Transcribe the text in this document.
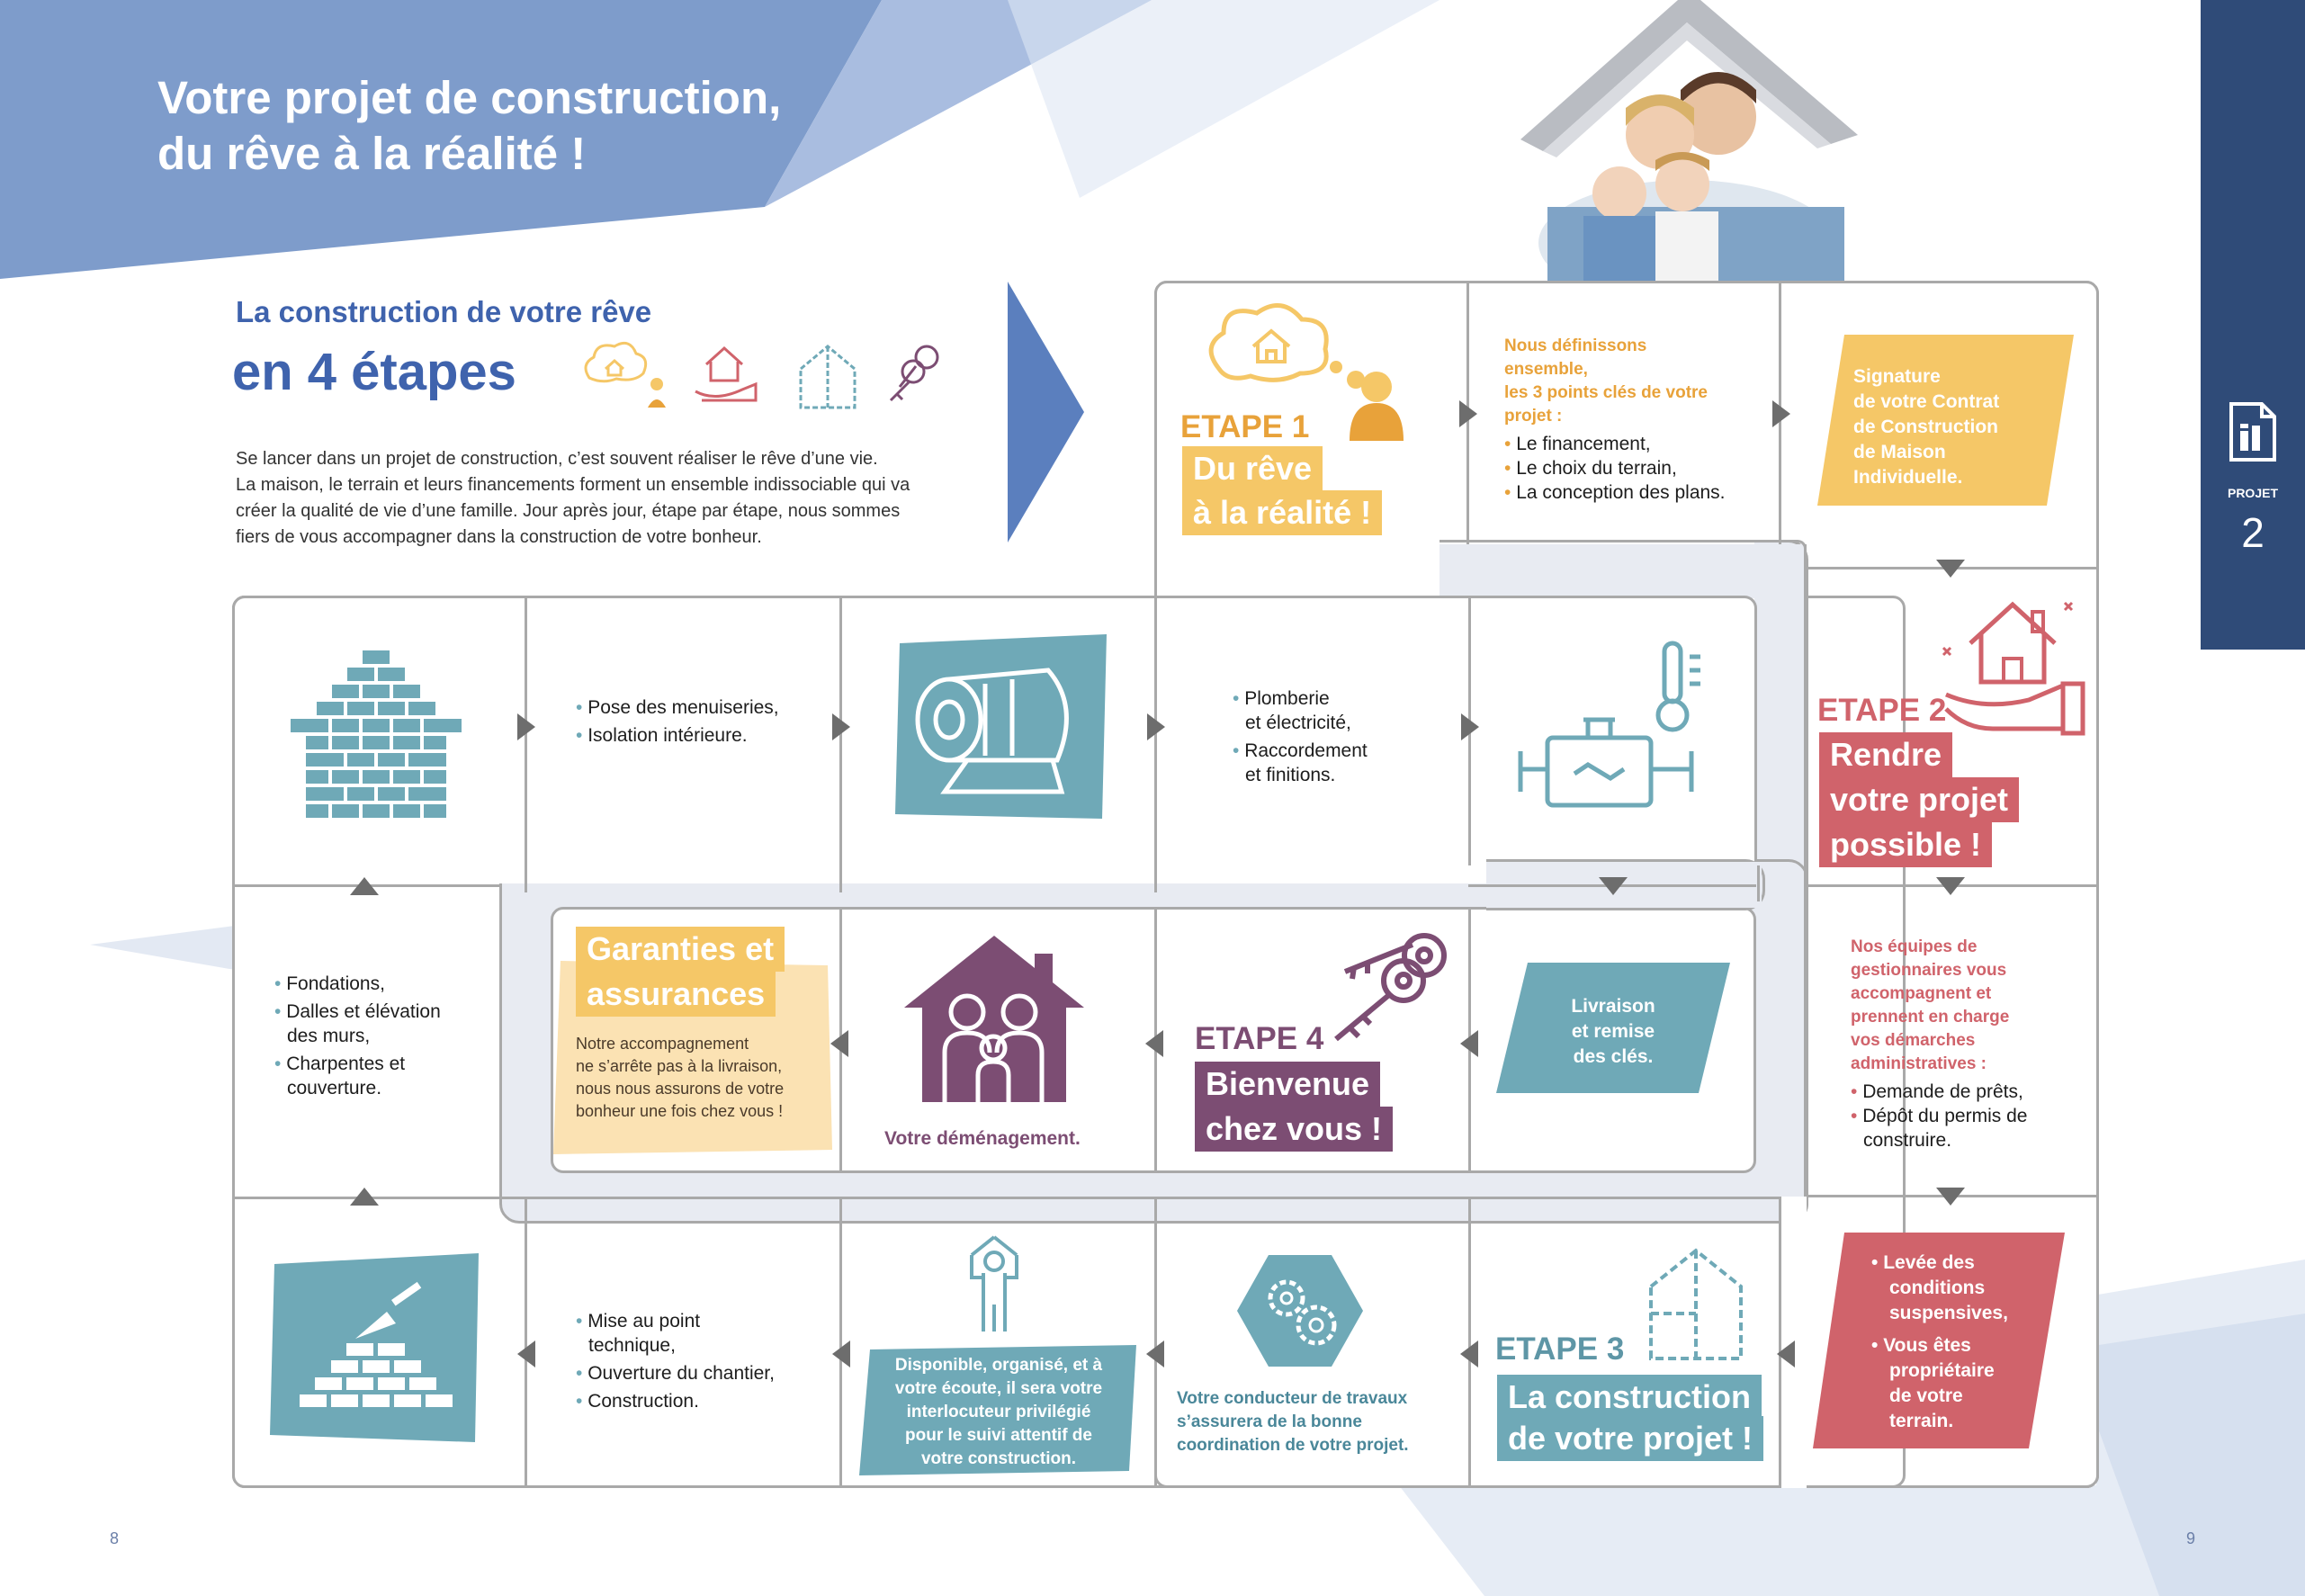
Votre projet de construction,
du rêve à la réalité !
PROJET
2
La construction de votre rêve
en 4 étapes
Se lancer dans un projet de construction, c’est souvent réaliser le rêve d’une vie.
La maison, le terrain et leurs financements forment un ensemble indissociable qui va
créer la qualité de vie d’une famille. Jour après jour, étape par étape, nous sommes
fiers de vous accompagner dans la construction de votre bonheur.
ETAPE 1
Du rêve
à la réalité !
Nous définissons
ensemble,
les 3 points clés de votre
projet :
• Le financement,
• Le choix du terrain,
• La conception des plans.
Signature
de votre Contrat
de Construction
de Maison
Individuelle.
ETAPE 2
Rendre
votre projet
possible !
Nos équipes de
gestionnaires vous
accompagnent et
prennent en charge
vos démarches
administratives :
• Demande de prêts,
• Dépôt du permis de
construire.
• Levée des
conditions
suspensives,
• Vous êtes
propriétaire
de votre
terrain.
ETAPE 3
La construction
de votre projet !
Votre conducteur de travaux
s’assurera de la bonne
coordination de votre projet.
Disponible, organisé, et à
votre écoute, il sera votre
interlocuteur privilégié
pour le suivi attentif de
votre construction.
• Mise au point
technique,
• Ouverture du chantier,
• Construction.
• Fondations,
• Dalles et élévation
des murs,
• Charpentes et
couverture.
• Pose des menuiseries,
• Isolation intérieure.
• Plomberie
et électricité,
• Raccordement
et finitions.
Livraison
et remise
des clés.
ETAPE 4
Bienvenue
chez vous !
Votre déménagement.
Garanties et
assurances
Notre accompagnement
ne s’arrête pas à la livraison,
nous nous assurons de votre
bonheur une fois chez vous !
8	9
